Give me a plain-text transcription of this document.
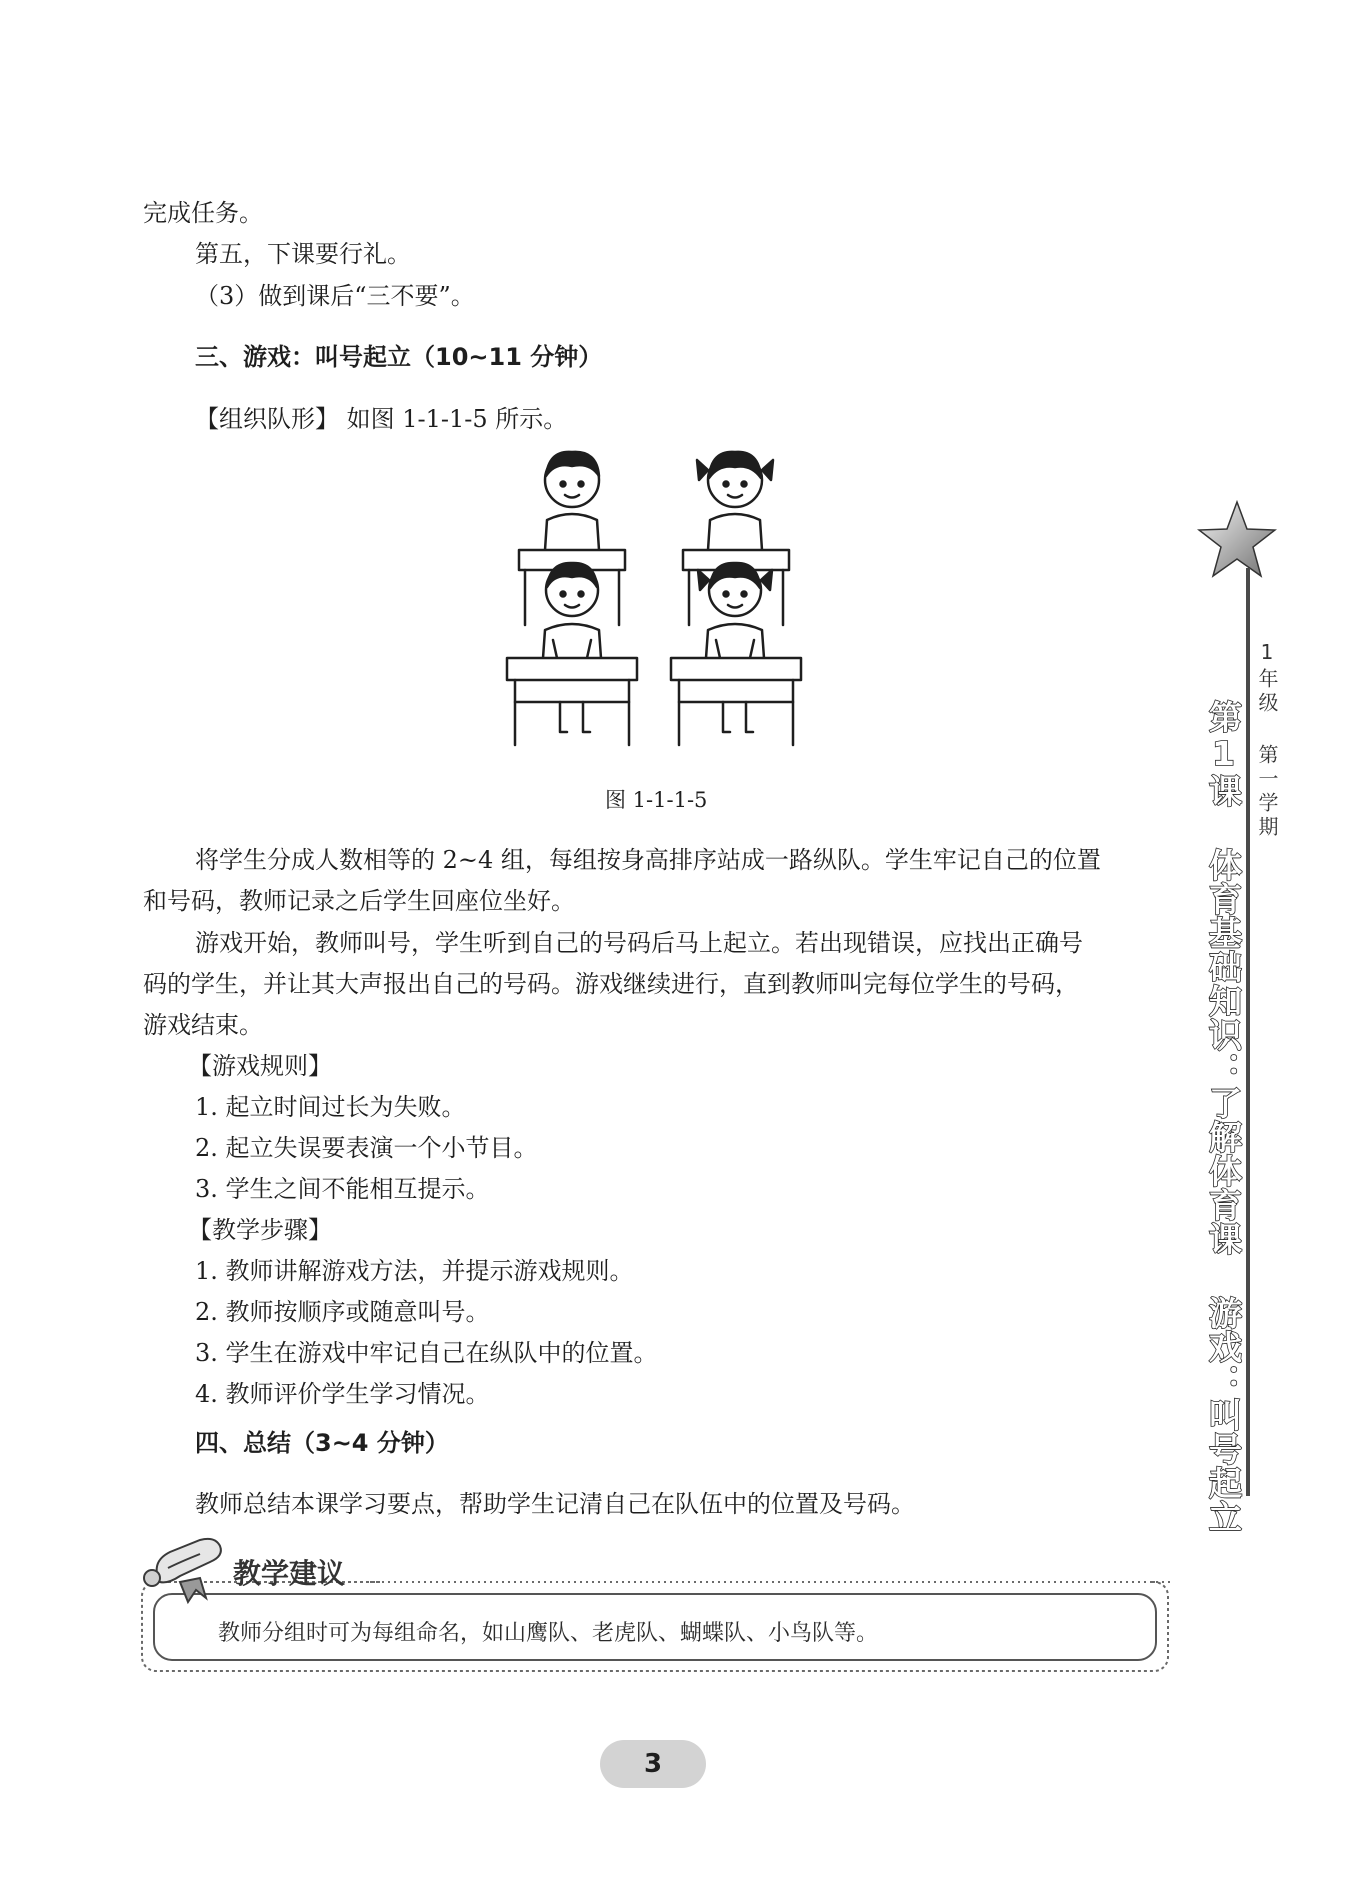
完成任务。
第五，下课要行礼。
（3）做到课后“三不要”。
三、游戏：叫号起立（10~11 分钟）
【组织队形】 如图 1-1-1-5 所示。
图 1-1-1-5
将学生分成人数相等的 2~4 组，每组按身高排序站成一路纵队。学生牢记自己的位置
和号码，教师记录之后学生回座位坐好。
游戏开始，教师叫号，学生听到自己的号码后马上起立。若出现错误，应找出正确号
码的学生，并让其大声报出自己的号码。游戏继续进行，直到教师叫完每位学生的号码，
游戏结束。
【游戏规则】
1. 起立时间过长为失败。
2. 起立失误要表演一个小节目。
3. 学生之间不能相互提示。
【教学步骤】
1. 教师讲解游戏方法，并提示游戏规则。
2. 教师按顺序或随意叫号。
3. 学生在游戏中牢记自己在纵队中的位置。
4. 教师评价学生学习情况。
四、总结（3~4 分钟）
教师总结本课学习要点，帮助学生记清自己在队伍中的位置及号码。
教学建议
教师分组时可为每组命名，如山鹰队、老虎队、蝴蝶队、小鸟队等。
1年级 第一学期
第1课 体育基础知识：了解体育课 游戏：叫号起立
3
